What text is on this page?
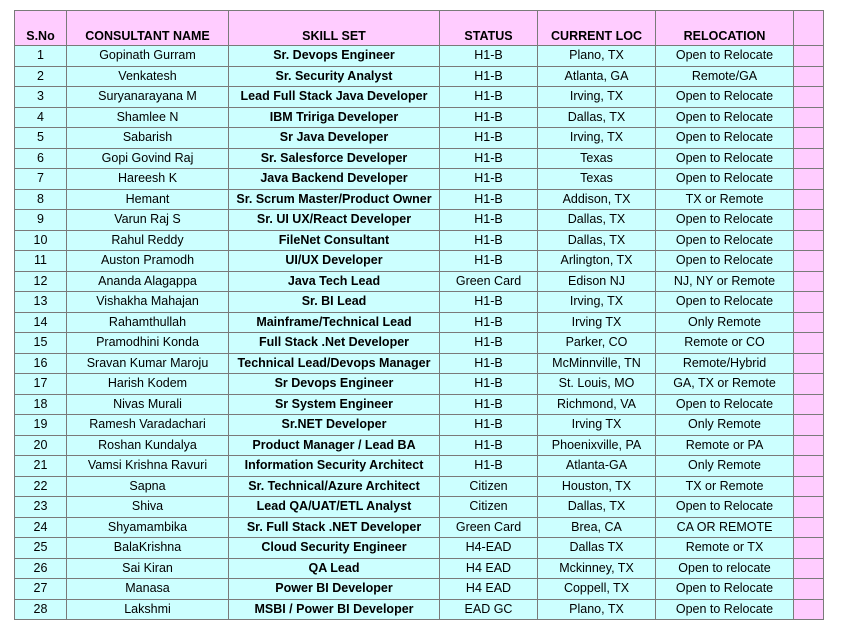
S.No	CONSULTANT NAME	SKILL SET	STATUS	CURRENT LOC	RELOCATION	
1	Gopinath Gurram	Sr. Devops Engineer	H1-B	Plano, TX	Open to Relocate	
2	Venkatesh	Sr. Security Analyst	H1-B	Atlanta, GA	Remote/GA	
3	Suryanarayana M	Lead Full Stack Java Developer	H1-B	Irving, TX	Open to Relocate	
4	Shamlee N	IBM Tririga Developer	H1-B	Dallas, TX	Open to Relocate	
5	Sabarish	Sr Java Developer	H1-B	Irving, TX	Open to Relocate	
6	Gopi Govind Raj	Sr. Salesforce Developer	H1-B	Texas	Open to Relocate	
7	Hareesh K	Java Backend Developer	H1-B	Texas	Open to Relocate	
8	Hemant	Sr. Scrum Master/Product Owner	H1-B	Addison, TX	TX or Remote	
9	Varun Raj S	Sr. UI UX/React Developer	H1-B	Dallas, TX	Open to Relocate	
10	Rahul Reddy	FileNet Consultant	H1-B	Dallas, TX	Open to Relocate	
11	Auston Pramodh	UI/UX Developer	H1-B	Arlington, TX	Open to Relocate	
12	Ananda Alagappa	Java Tech Lead	Green Card	Edison NJ	NJ, NY or Remote	
13	Vishakha Mahajan	Sr. BI Lead	H1-B	Irving, TX	Open to Relocate	
14	Rahamthullah	Mainframe/Technical Lead	H1-B	Irving TX	Only Remote	
15	Pramodhini Konda	Full Stack .Net Developer	H1-B	Parker, CO	Remote or CO	
16	Sravan Kumar Maroju	Technical Lead/Devops Manager	H1-B	McMinnville, TN	Remote/Hybrid	
17	Harish Kodem	Sr Devops Engineer	H1-B	St. Louis, MO	GA, TX or Remote	
18	Nivas Murali	Sr System Engineer	H1-B	Richmond, VA	Open to Relocate	
19	Ramesh Varadachari	Sr.NET Developer	H1-B	Irving TX	Only Remote	
20	Roshan Kundalya	Product Manager / Lead BA	H1-B	Phoenixville, PA	Remote or PA	
21	Vamsi Krishna Ravuri	Information Security Architect	H1-B	Atlanta-GA	Only Remote	
22	Sapna	Sr. Technical/Azure Architect	Citizen	Houston, TX	TX or Remote	
23	Shiva	Lead QA/UAT/ETL Analyst	Citizen	Dallas, TX	Open to Relocate	
24	Shyamambika	Sr. Full Stack .NET Developer	Green Card	Brea, CA	CA OR REMOTE	
25	BalaKrishna	Cloud Security Engineer	H4-EAD	Dallas TX	Remote or TX	
26	Sai Kiran	QA Lead	H4 EAD	Mckinney, TX	Open to relocate	
27	Manasa	Power BI Developer	H4 EAD	Coppell, TX	Open to Relocate	
28	Lakshmi	MSBI / Power BI Developer	EAD GC	Plano, TX	Open to Relocate	
